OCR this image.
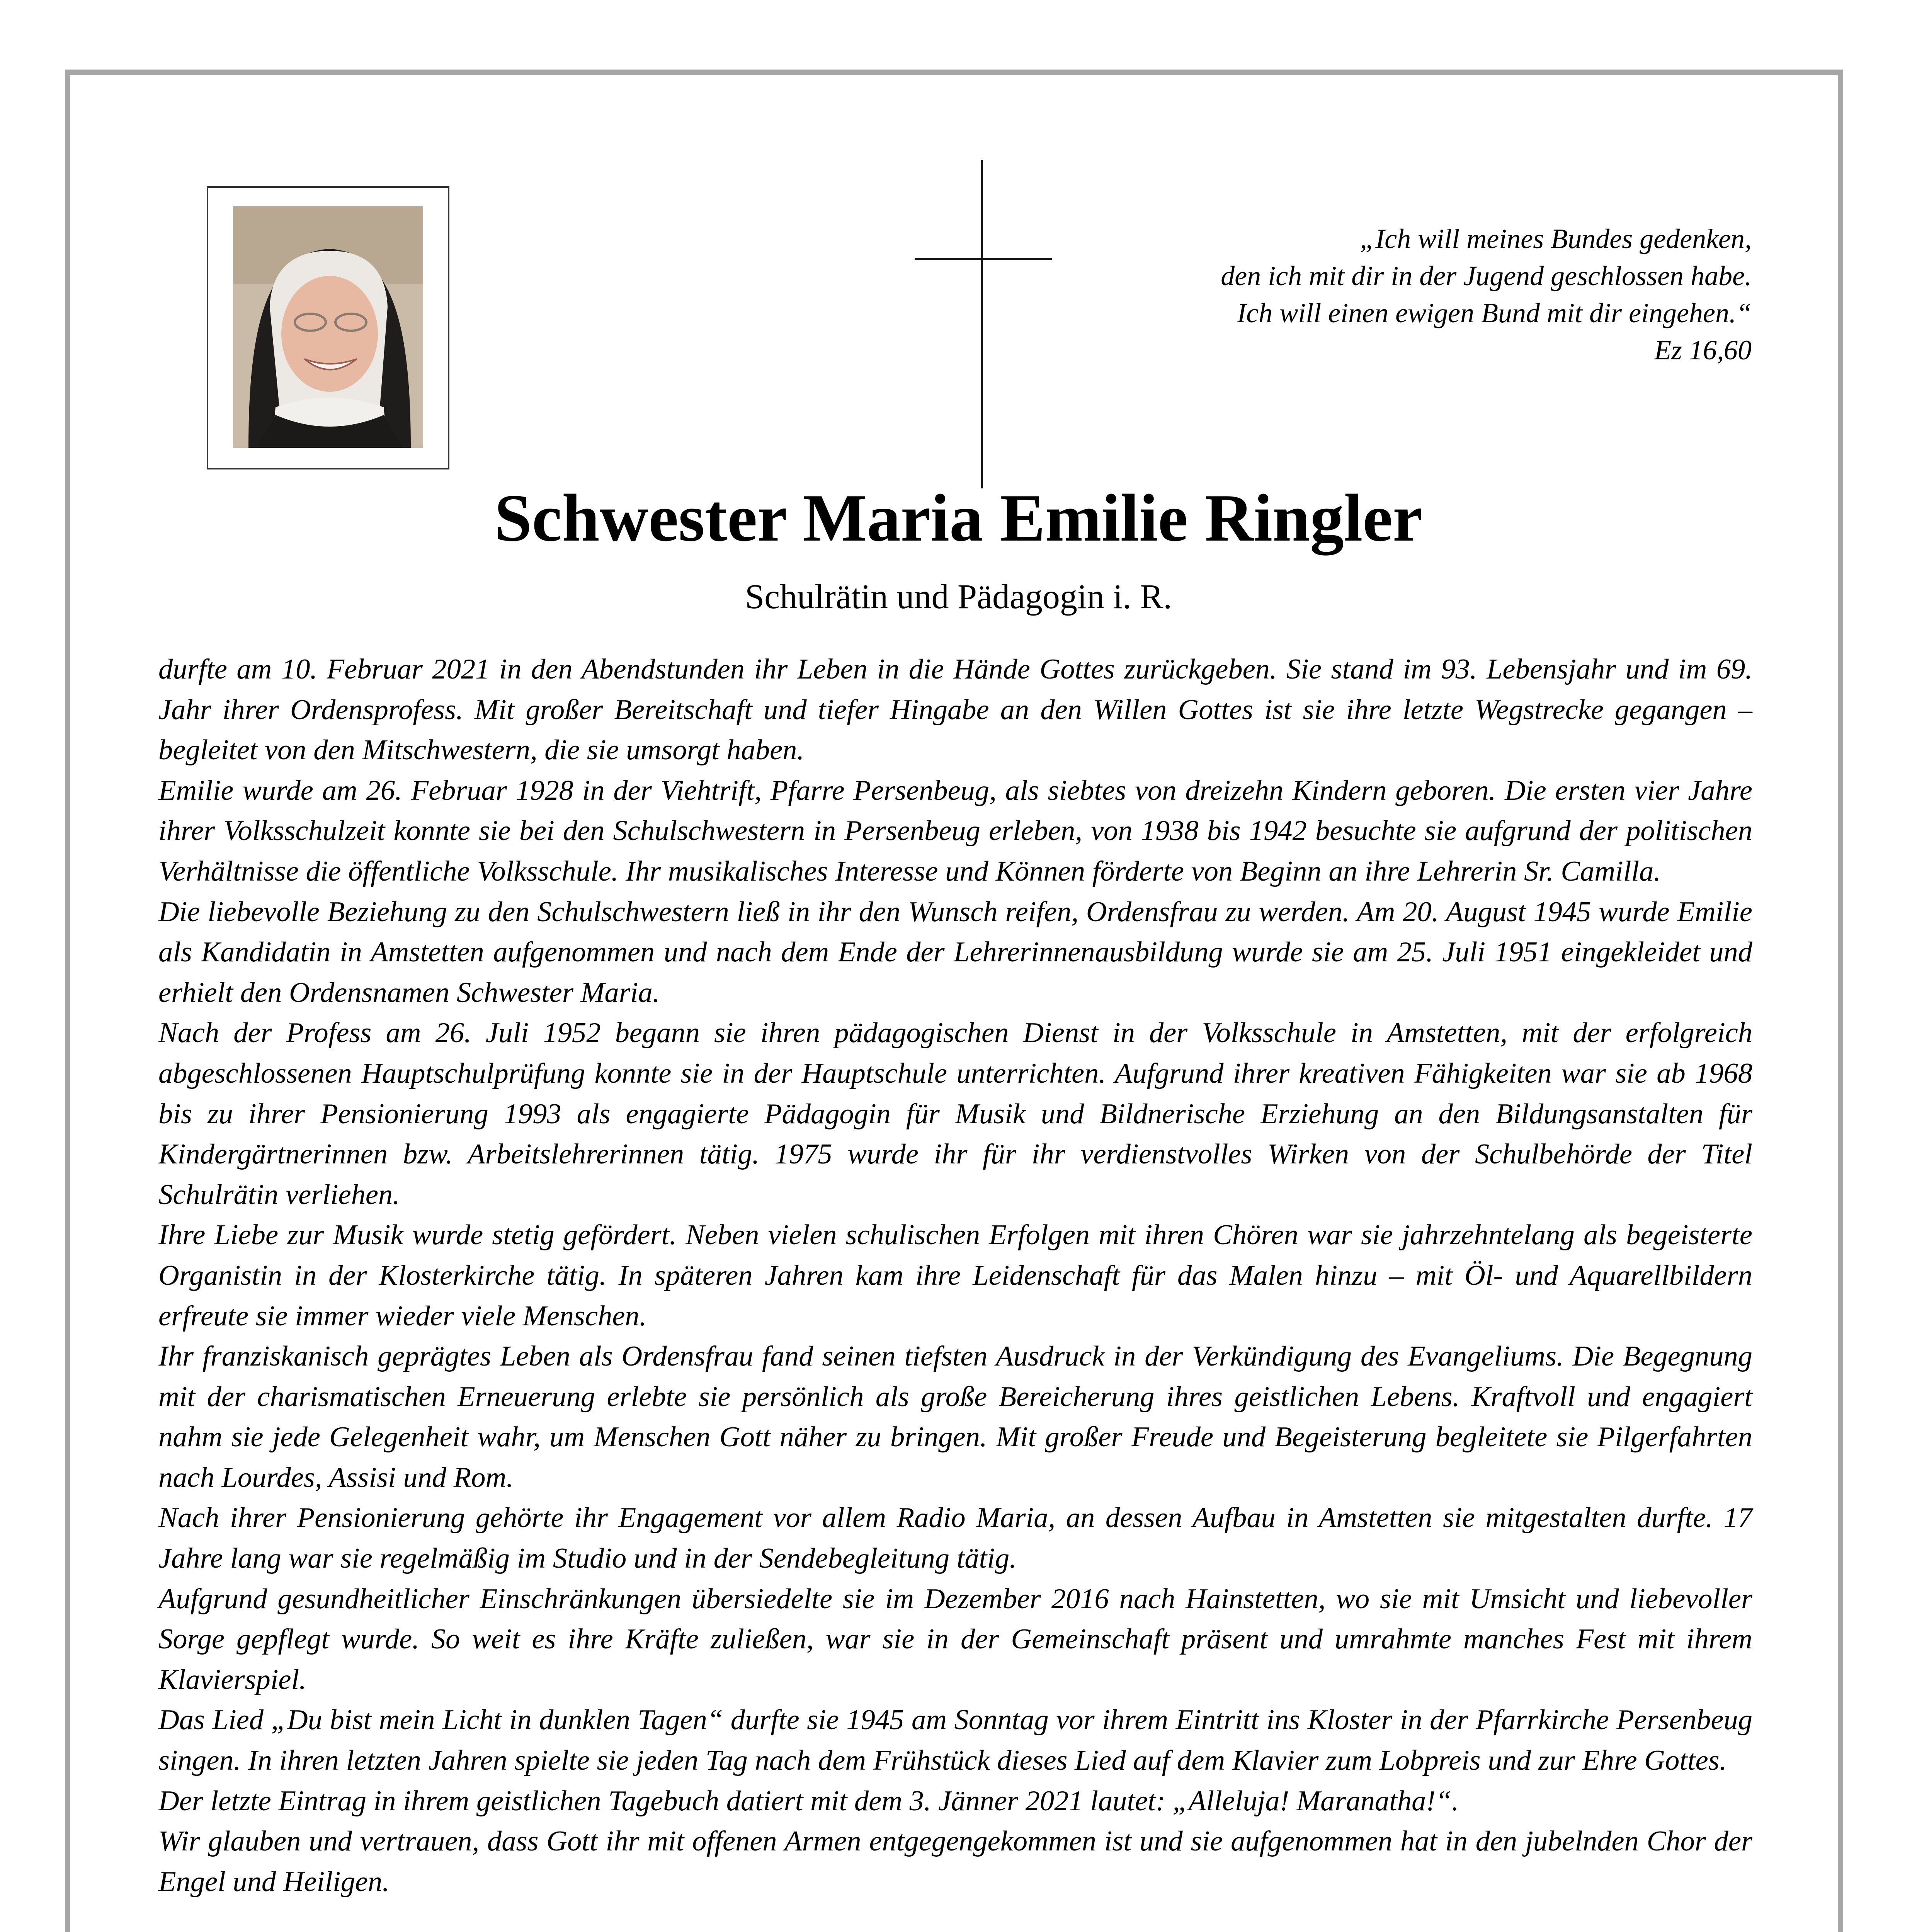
„Ich will meines Bundes gedenken,
den ich mit dir in der Jugend geschlossen habe.
Ich will einen ewigen Bund mit dir eingehen.“
Ez 16,60
Schwester Maria Emilie Ringler
Schulrätin und Pädagogin i. R.

durfte am 10. Februar 2021 in den Abendstunden ihr Leben in die Hände Gottes zurückgeben. Sie stand im 93. Lebensjahr und im 69. Jahr ihrer Ordensprofess. Mit großer Bereitschaft und tiefer Hingabe an den Willen Gottes ist sie ihre letzte Wegstrecke gegangen – begleitet von den Mitschwestern, die sie umsorgt haben.

Emilie wurde am 26. Februar 1928 in der Viehtrift, Pfarre Persenbeug, als siebtes von dreizehn Kindern geboren. Die ersten vier Jahre ihrer Volksschulzeit konnte sie bei den Schulschwestern in Persenbeug erleben, von 1938 bis 1942 besuchte sie aufgrund der politischen Verhältnisse die öffentliche Volksschule. Ihr musikalisches Interesse und Können förderte von Beginn an ihre Lehrerin Sr. Camilla.

Die liebevolle Beziehung zu den Schulschwestern ließ in ihr den Wunsch reifen, Ordensfrau zu werden. Am 20. August 1945 wurde Emilie als Kandidatin in Amstetten aufgenommen und nach dem Ende der Lehrerinnenausbildung wurde sie am 25. Juli 1951 eingekleidet und erhielt den Ordensnamen Schwester Maria.

Nach der Profess am 26. Juli 1952 begann sie ihren pädagogischen Dienst in der Volksschule in Amstetten, mit der erfolgreich abgeschlossenen Hauptschulprüfung konnte sie in der Hauptschule unterrichten. Aufgrund ihrer kreativen Fähigkeiten war sie ab 1968 bis zu ihrer Pensionierung 1993 als engagierte Pädagogin für Musik und Bildnerische Erziehung an den Bildungsanstalten für Kindergärtnerinnen bzw. Arbeitslehrerinnen tätig. 1975 wurde ihr für ihr verdienstvolles Wirken von der Schulbehörde der Titel Schulrätin verliehen.

Ihre Liebe zur Musik wurde stetig gefördert. Neben vielen schulischen Erfolgen mit ihren Chören war sie jahrzehntelang als begeisterte Organistin in der Klosterkirche tätig. In späteren Jahren kam ihre Leidenschaft für das Malen hinzu – mit Öl- und Aquarellbildern erfreute sie immer wieder viele Menschen.

Ihr franziskanisch geprägtes Leben als Ordensfrau fand seinen tiefsten Ausdruck in der Verkündigung des Evangeliums. Die Begegnung mit der charismatischen Erneuerung erlebte sie persönlich als große Bereicherung ihres geistlichen Lebens. Kraftvoll und engagiert nahm sie jede Gelegenheit wahr, um Menschen Gott näher zu bringen. Mit großer Freude und Begeisterung begleitete sie Pilgerfahrten nach Lourdes, Assisi und Rom.

Nach ihrer Pensionierung gehörte ihr Engagement vor allem Radio Maria, an dessen Aufbau in Amstetten sie mitgestalten durfte. 17 Jahre lang war sie regelmäßig im Studio und in der Sendebegleitung tätig.

Aufgrund gesundheitlicher Einschränkungen übersiedelte sie im Dezember 2016 nach Hainstetten, wo sie mit Umsicht und liebevoller Sorge gepflegt wurde. So weit es ihre Kräfte zuließen, war sie in der Gemeinschaft präsent und umrahmte manches Fest mit ihrem Klavierspiel.

Das Lied „Du bist mein Licht in dunklen Tagen“ durfte sie 1945 am Sonntag vor ihrem Eintritt ins Kloster in der Pfarrkirche Persenbeug singen. In ihren letzten Jahren spielte sie jeden Tag nach dem Frühstück dieses Lied auf dem Klavier zum Lobpreis und zur Ehre Gottes.

Der letzte Eintrag in ihrem geistlichen Tagebuch datiert mit dem 3. Jänner 2021 lautet: „Alleluja! Maranatha!“.

Wir glauben und vertrauen, dass Gott ihr mit offenen Armen entgegengekommen ist und sie aufgenommen hat in den jubelnden Chor der Engel und Heiligen.
